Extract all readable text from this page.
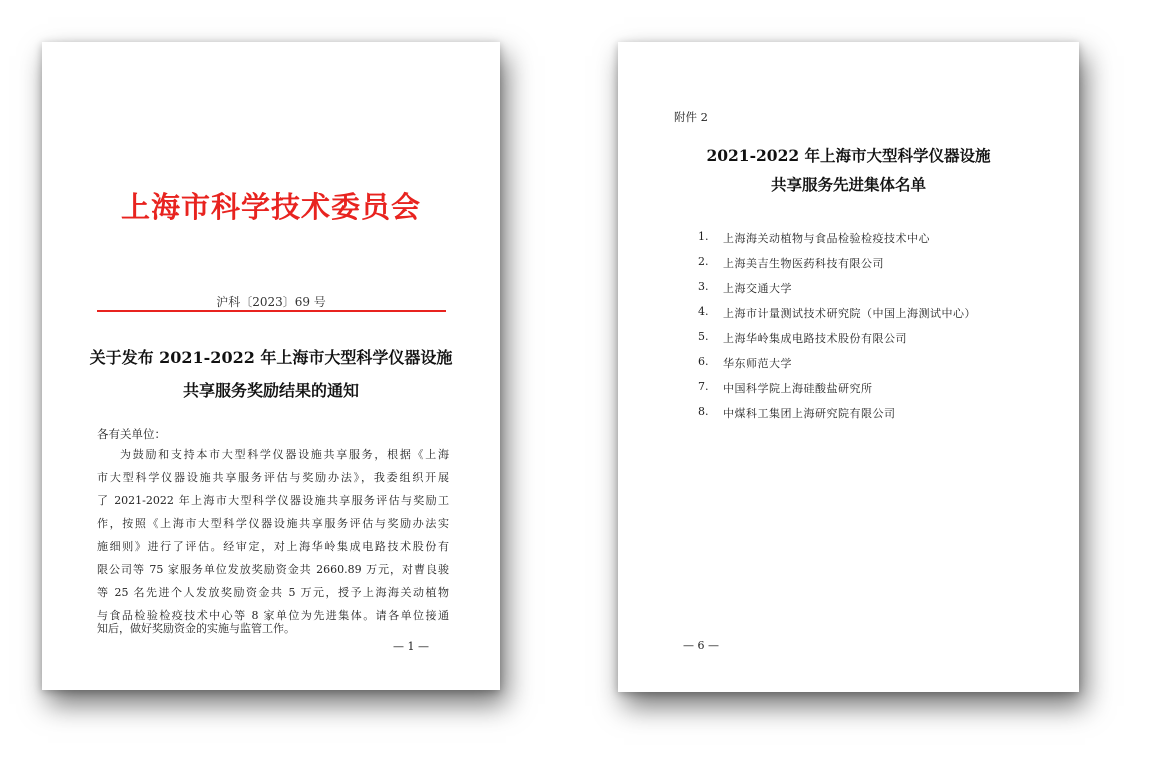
上海市科学技术委员会
沪科〔2023〕69 号
关于发布 2021-2022 年上海市大型科学仪器设施
共享服务奖励结果的通知
各有关单位：
为鼓励和支持本市大型科学仪器设施共享服务，根据《上海
市大型科学仪器设施共享服务评估与奖励办法》，我委组织开展
了 2021-2022 年上海市大型科学仪器设施共享服务评估与奖励工
作，按照《上海市大型科学仪器设施共享服务评估与奖励办法实
施细则》进行了评估。经审定，对上海华岭集成电路技术股份有
限公司等 75 家服务单位发放奖励资金共 2660.89 万元，对曹良骏
等 25 名先进个人发放奖励资金共 5 万元，授予上海海关动植物
与食品检验检疫技术中心等 8 家单位为先进集体。请各单位接通
知后，做好奖励资金的实施与监管工作。
— 1 —
附件 2
2021-2022 年上海市大型科学仪器设施
共享服务先进集体名单
1. 上海海关动植物与食品检验检疫技术中心
2. 上海美吉生物医药科技有限公司
3. 上海交通大学
4. 上海市计量测试技术研究院（中国上海测试中心）
5. 上海华岭集成电路技术股份有限公司
6. 华东师范大学
7. 中国科学院上海硅酸盐研究所
8. 中煤科工集团上海研究院有限公司
— 6 —
